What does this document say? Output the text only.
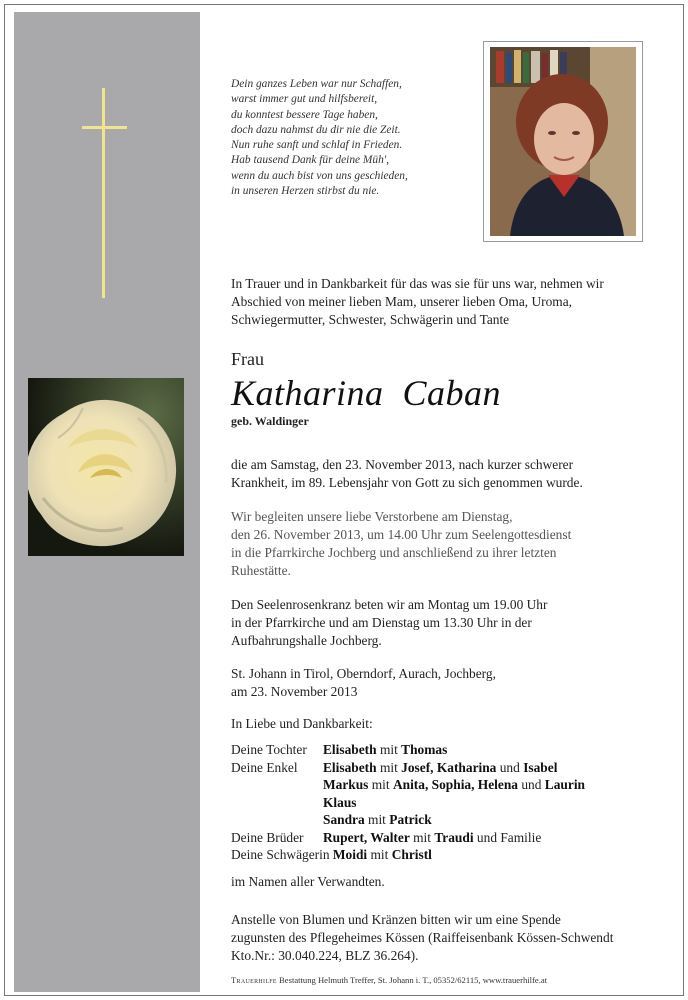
Dein ganzes Leben war nur Schaffen,
warst immer gut und hilfsbereit,
du konntest bessere Tage haben,
doch dazu nahmst du dir nie die Zeit.
Nun ruhe sanft und schlaf in Frieden.
Hab tausend Dank für deine Müh',
wenn du auch bist von uns geschieden,
in unseren Herzen stirbst du nie.
In Trauer und in Dankbarkeit für das was sie für uns war, nehmen wir
Abschied von meiner lieben Mam, unserer lieben Oma, Uroma,
Schwiegermutter, Schwester, Schwägerin und Tante
Frau
Katharina  Caban
geb. Waldinger
die am Samstag, den 23. November 2013, nach kurzer schwerer
Krankheit, im 89. Lebensjahr von Gott zu sich genommen wurde.
Wir begleiten unsere liebe Verstorbene am Dienstag,
den 26. November 2013, um 14.00 Uhr zum Seelengottesdienst
in die Pfarrkirche Jochberg und anschließend zu ihrer letzten
Ruhestätte.
Den Seelenrosenkranz beten wir am Montag um 19.00 Uhr
in der Pfarrkirche und am Dienstag um 13.30 Uhr in der
Aufbahrungshalle Jochberg.
St. Johann in Tirol, Oberndorf, Aurach, Jochberg,
am 23. November 2013
In Liebe und Dankbarkeit:
Deine Tochter Elisabeth mit Thomas
Deine Enkel Elisabeth mit Josef, Katharina und Isabel
Markus mit Anita, Sophia, Helena und Laurin
Klaus
Sandra mit Patrick
Deine Brüder Rupert, Walter mit Traudi und Familie
Deine Schwägerin Moidi mit Christl
im Namen aller Verwandten.
Anstelle von Blumen und Kränzen bitten wir um eine Spende
zugunsten des Pflegeheimes Kössen (Raiffeisenbank Kössen-Schwendt
Kto.Nr.: 30.040.224, BLZ 36.264).
Trauerhilfe Bestattung Helmuth Treffer, St. Johann i. T., 05352/62115, www.trauerhilfe.at
